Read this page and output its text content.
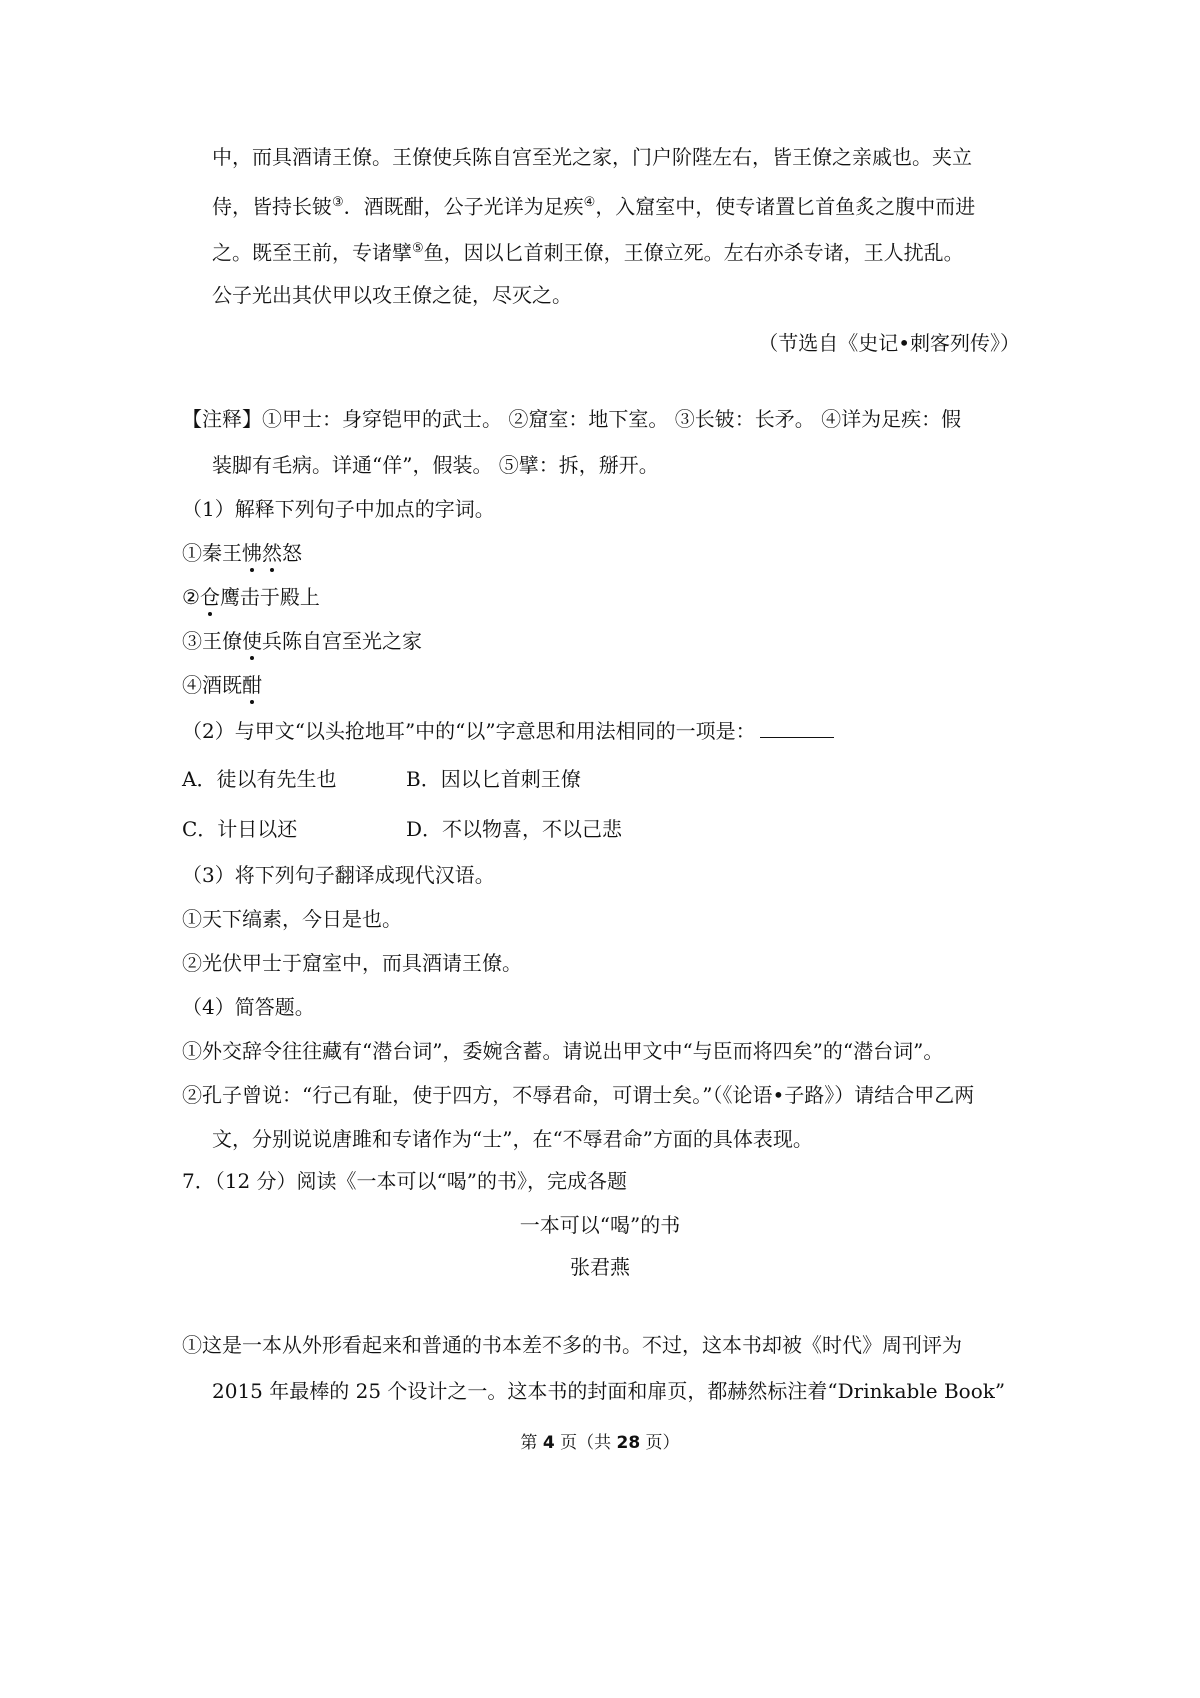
中，而具酒请王僚。王僚使兵陈自宫至光之家，门户阶陛左右，皆王僚之亲戚也。夹立
侍，皆持长铍③．酒既酣，公子光详为足疾④，入窟室中，使专诸置匕首鱼炙之腹中而进
之。既至王前，专诸擘⑤鱼，因以匕首刺王僚，王僚立死。左右亦杀专诸，王人扰乱。
公子光出其伏甲以攻王僚之徒，尽灭之。
（节选自《史记•刺客列传》）
【注释】①甲士：身穿铠甲的武士。 ②窟室：地下室。 ③长铍：长矛。 ④详为足疾：假
装脚有毛病。详通“佯”，假装。 ⑤擘：拆，掰开。
（1）解释下列句子中加点的字词。
①秦王怫然怒
②仓鹰击于殿上
③王僚使兵陈自宫至光之家
④酒既酣
（2）与甲文“以头抢地耳”中的“以”字意思和用法相同的一项是：
A．徒以有先生也	B．因以匕首刺王僚
C．计日以还	D．不以物喜，不以己悲
（3）将下列句子翻译成现代汉语。
①天下缟素，今日是也。
②光伏甲士于窟室中，而具酒请王僚。
（4）简答题。
①外交辞令往往藏有“潜台词”，委婉含蓄。请说出甲文中“与臣而将四矣”的“潜台词”。
②孔子曾说：“行己有耻，使于四方，不辱君命，可谓士矣。”（《论语•子路》）请结合甲乙两
文，分别说说唐雎和专诸作为“士”，在“不辱君命”方面的具体表现。
7．（12 分）阅读《一本可以“喝”的书》，完成各题
一本可以“喝”的书
张君燕
①这是一本从外形看起来和普通的书本差不多的书。不过，这本书却被《时代》周刊评为
2015 年最棒的 25 个设计之一。这本书的封面和扉页，都赫然标注着“Drinkable Book”
第 4 页（共 28 页）
